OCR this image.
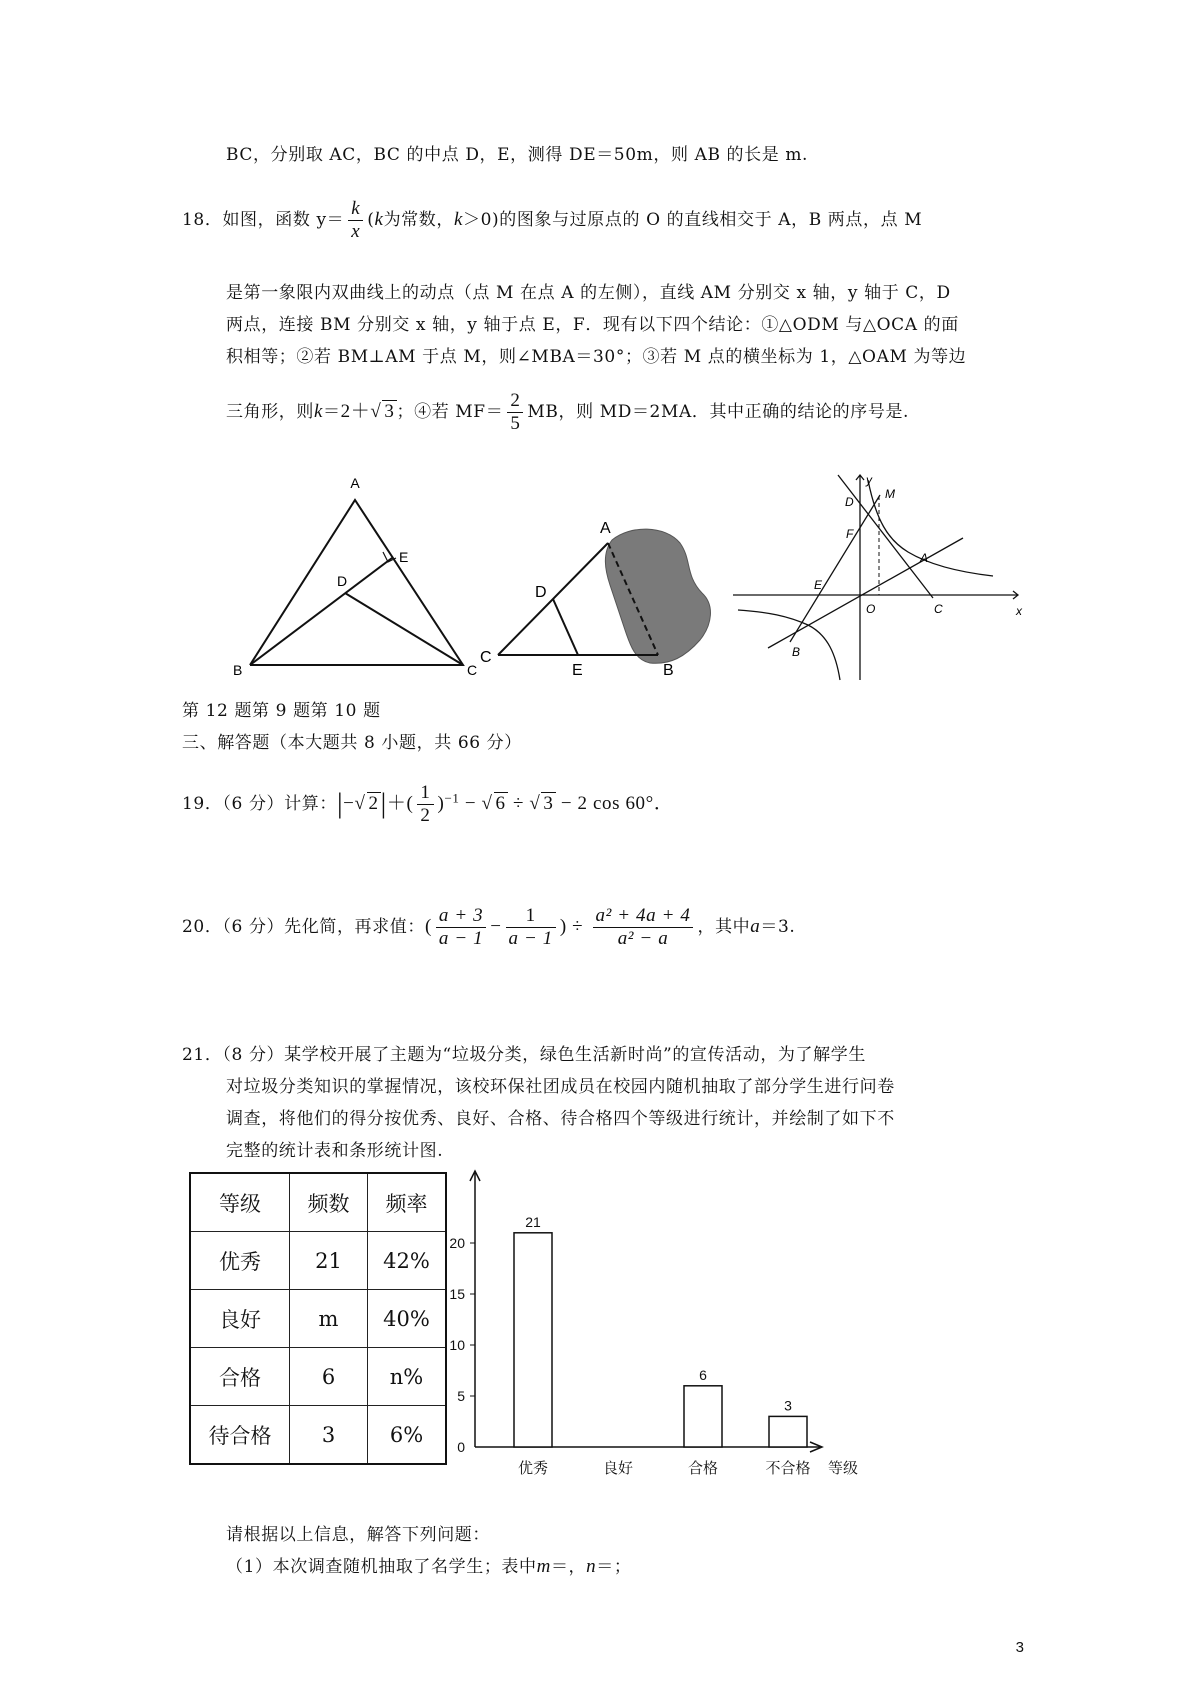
BC，分别取 AC，BC 的中点 D，E，测得 DE＝50m，则 AB 的长是 m.
18．如图，函数 $y= \frac{k}{x} (k$为常数，k＞0)的图象与过原点的 O 的直线相交于 A，B 两点，点 M
是第一象限内双曲线上的动点（点 M 在点 A 的左侧），直线 AM 分别交 x 轴，y 轴于 C，D
两点，连接 BM 分别交 x 轴，y 轴于点 E，F．现有以下四个结论：①△ODM 与△OCA 的面
积相等；②若 BM⊥AM 于点 M，则∠MBA＝30°；③若 M 点的横坐标为 1，△OAM 为等边
三角形，则k＝2＋√ 3 ；④若 $MF= \frac{2}{5}$ MB，则 MD＝2MA．其中正确的结论的序号是.
A
B	C
D
E
A
B
C
D
E
y
x
D
M
F
A
E
O	C
B
第 12 题第 9 题第 10 题
三、解答题（本大题共 8 小题，共 66 分）
19．（6 分）计算：|−√ $2|+( \frac{1}{2} )^{-1}$ − √ 6 ÷ √ 3 − 2 cos 60°．
20．（6 分）先化简，再求值：( $\frac{a + 3}{a - 1} - \frac{1}{a - 1}$ ) ÷ $\frac{\text{a² + 4a + 4}}{\text{a² − a}}$ ，其中a＝3.
21．（8 分）某学校开展了主题为“垃圾分类，绿色生活新时尚”的宣传活动，为了解学生
对垃圾分类知识的掌握情况，该校环保社团成员在校园内随机抽取了部分学生进行问卷
调查，将他们的得分按优秀、良好、合格、待合格四个等级进行统计，并绘制了如下不
完整的统计表和条形统计图.
等级	频数	频率
优秀	21	42%
良好	m	40%
合格	6	n%
待合格	3	6%
0
5
10
15
20
21
优秀	良好
6
合格
3
不合格 等级
请根据以上信息，解答下列问题：
（1）本次调查随机抽取了名学生；表中m＝，n＝；
3
